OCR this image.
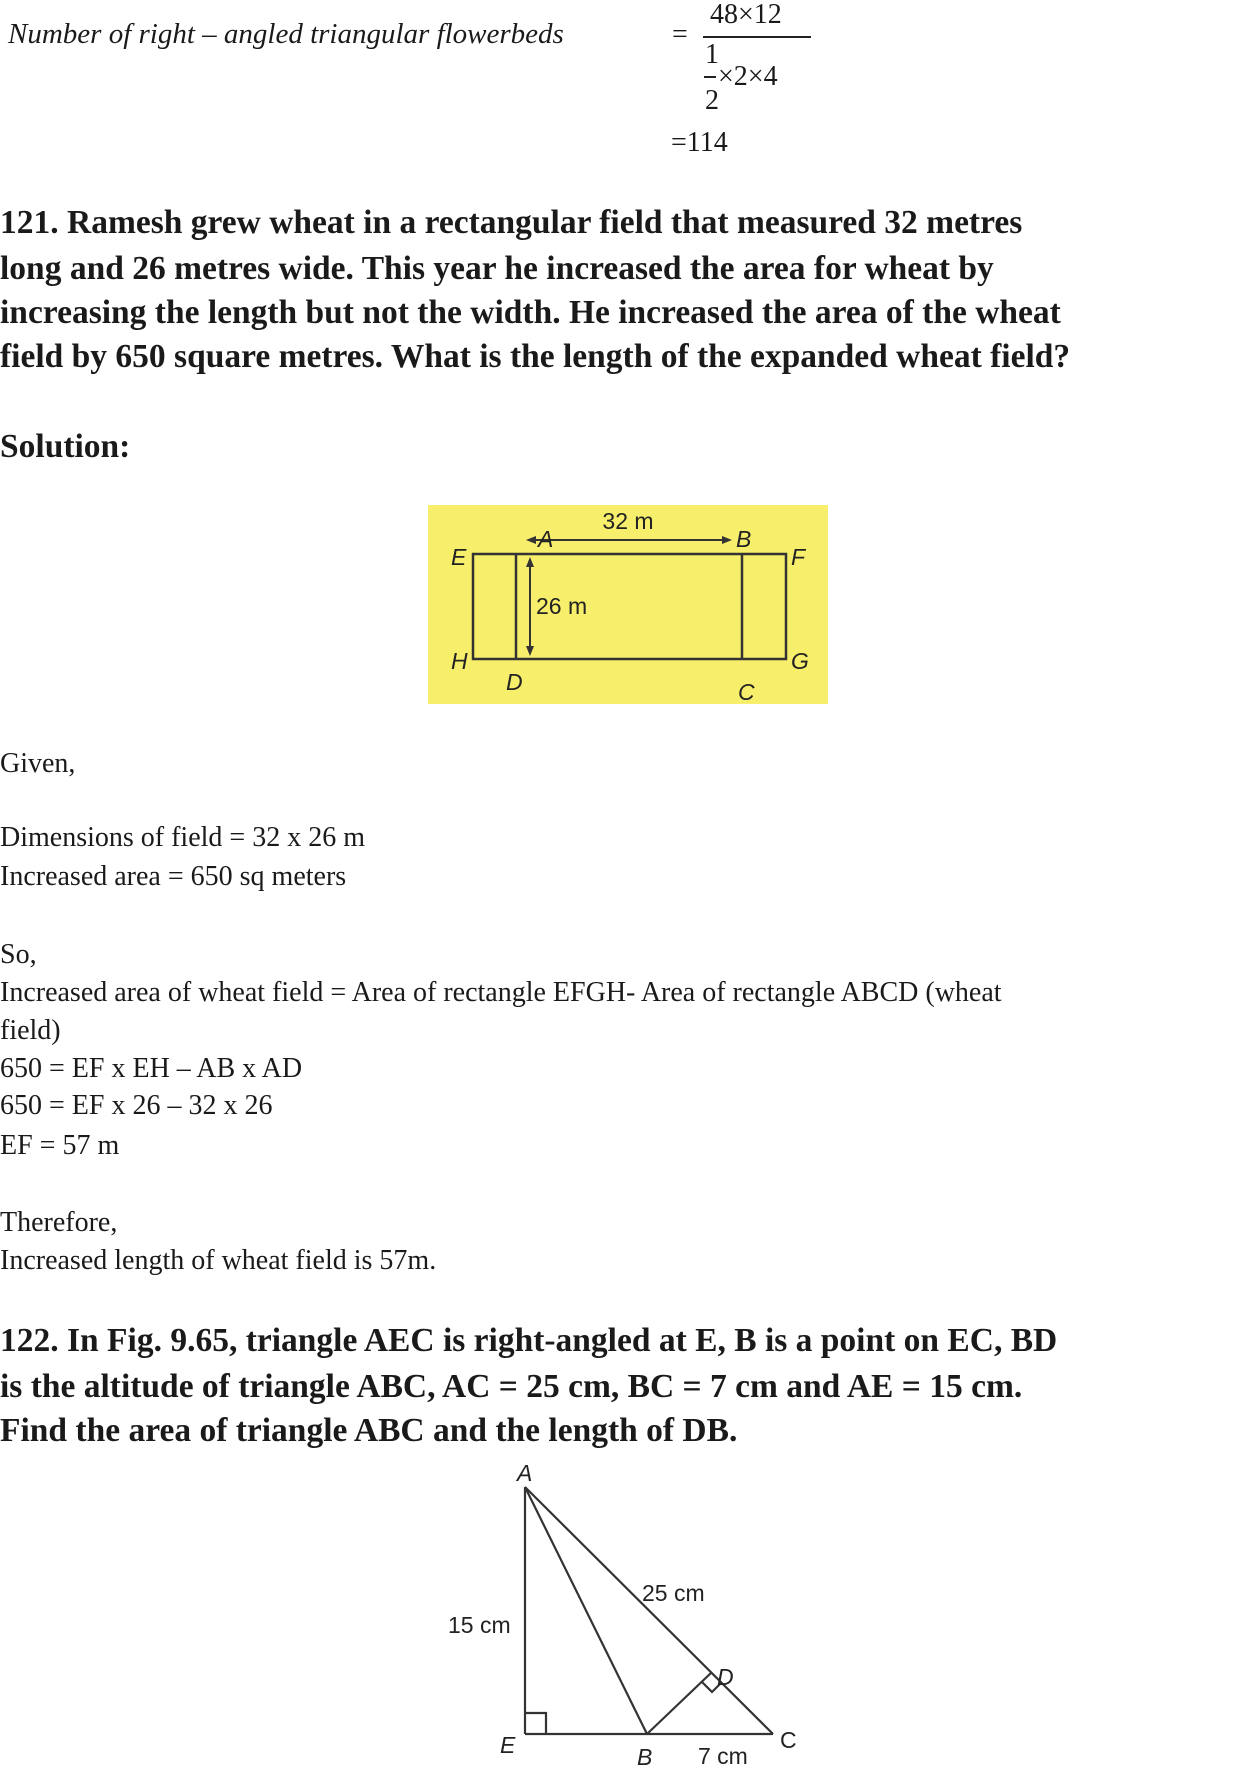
Number of right – angled triangular flowerbeds	=
48×12
1
2
×2×4
=114
121. Ramesh grew wheat in a rectangular field that measured 32 metres
long and 26 metres wide. This year he increased the area for wheat by
increasing the length but not the width. He increased the area of the wheat
field by 650 square metres. What is the length of the expanded wheat field?
Solution:
32 m
26 m
A	B
C
D
E	F
G
H
Given,
Dimensions of field = 32 x 26 m
Increased area = 650 sq meters
So,
Increased area of wheat field = Area of rectangle EFGH- Area of rectangle ABCD (wheat
field)
650 = EF x EH – AB x AD
650 = EF x 26 – 32 x 26
EF = 57 m
Therefore,
Increased length of wheat field is 57m.
122. In Fig. 9.65, triangle AEC is right-angled at E, B is a point on EC, BD
is the altitude of triangle ABC, AC = 25 cm, BC = 7 cm and AE = 15 cm.
Find the area of triangle ABC and the length of DB.
A
E	B
C
D
15 cm
25 cm
7 cm
